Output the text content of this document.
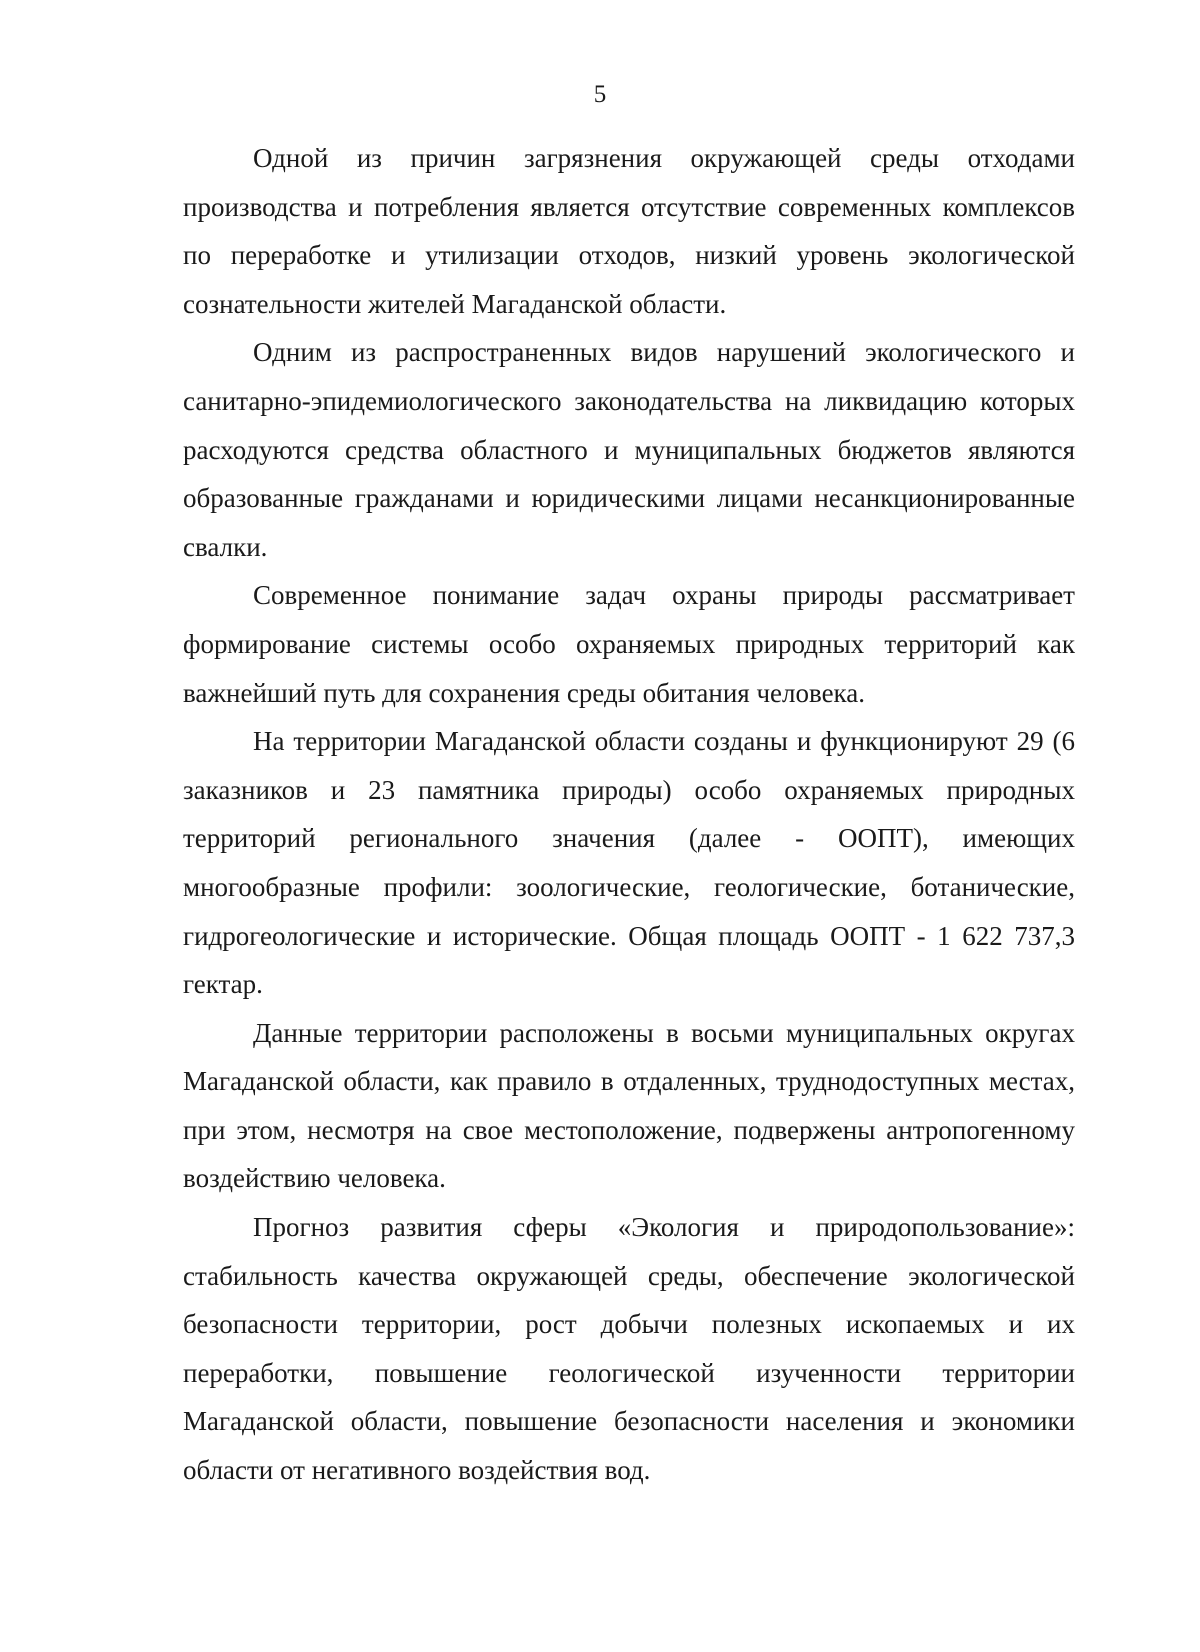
5

Одной из причин загрязнения окружающей среды отходами производства и потребления является отсутствие современных комплексов по переработке и утилизации отходов, низкий уровень экологической сознательности жителей Магаданской области.

Одним из распространенных видов нарушений экологического и санитарно-эпидемиологического законодательства на ликвидацию которых расходуются средства областного и муниципальных бюджетов являются образованные гражданами и юридическими лицами несанкционированные свалки.

Современное понимание задач охраны природы рассматривает формирование системы особо охраняемых природных территорий как важнейший путь для сохранения среды обитания человека.

На территории Магаданской области созданы и функционируют 29 (6 заказников и 23 памятника природы) особо охраняемых природных территорий регионального значения (далее - ООПТ), имеющих многообразные профили: зоологические, геологические, ботанические, гидрогеологические и исторические. Общая площадь ООПТ - 1 622 737,3 гектар.

Данные территории расположены в восьми муниципальных округах Магаданской области, как правило в отдаленных, труднодоступных местах, при этом, несмотря на свое местоположение, подвержены антропогенному воздействию человека.

Прогноз развития сферы «Экология и природопользование»: стабильность качества окружающей среды, обеспечение экологической безопасности территории, рост добычи полезных ископаемых и их переработки, повышение геологической изученности территории Магаданской области, повышение безопасности населения и экономики области от негативного воздействия вод.
